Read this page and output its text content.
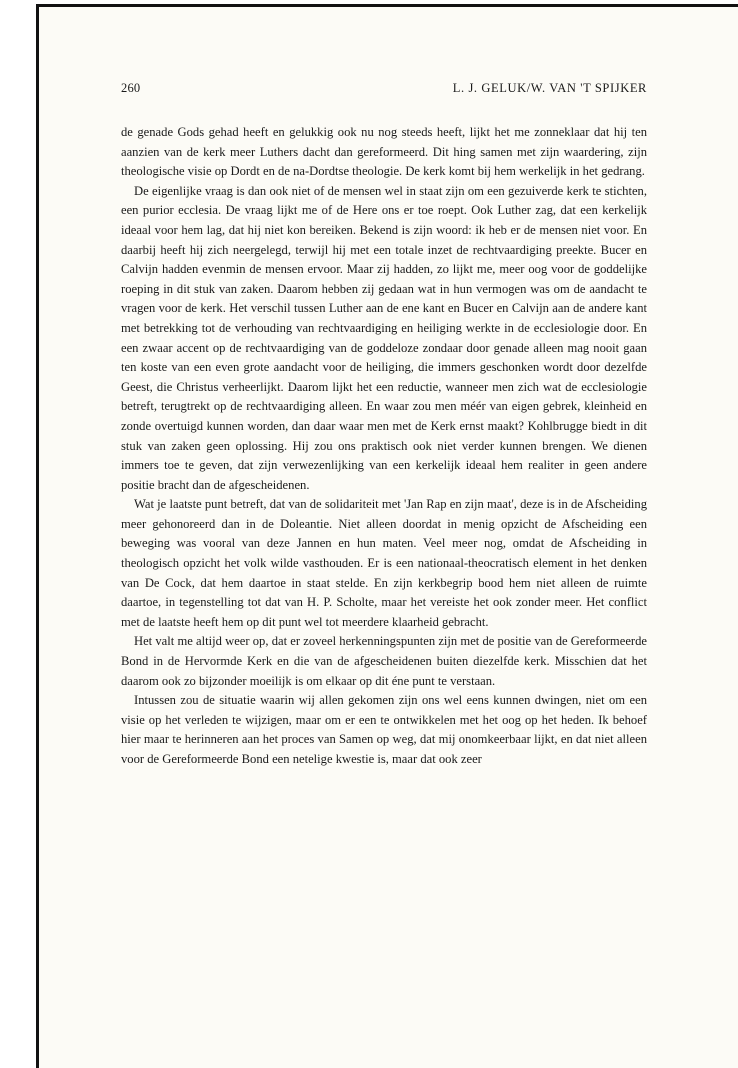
260	L. J. GELUK/W. VAN 'T SPIJKER

de genade Gods gehad heeft en gelukkig ook nu nog steeds heeft, lijkt het me zonneklaar dat hij ten aanzien van de kerk meer Luthers dacht dan gereformeerd. Dit hing samen met zijn waardering, zijn theologische visie op Dordt en de na-Dordtse theologie. De kerk komt bij hem werkelijk in het gedrang.

De eigenlijke vraag is dan ook niet of de mensen wel in staat zijn om een gezuiverde kerk te stichten, een purior ecclesia. De vraag lijkt me of de Here ons er toe roept. Ook Luther zag, dat een kerkelijk ideaal voor hem lag, dat hij niet kon bereiken. Bekend is zijn woord: ik heb er de mensen niet voor. En daarbij heeft hij zich neergelegd, terwijl hij met een totale inzet de rechtvaardiging preekte. Bucer en Calvijn hadden evenmin de mensen ervoor. Maar zij hadden, zo lijkt me, meer oog voor de goddelijke roeping in dit stuk van zaken. Daarom hebben zij gedaan wat in hun vermogen was om de aandacht te vragen voor de kerk. Het verschil tussen Luther aan de ene kant en Bucer en Calvijn aan de andere kant met betrekking tot de verhouding van rechtvaardiging en heiliging werkte in de ecclesiologie door. En een zwaar accent op de rechtvaardiging van de goddeloze zondaar door genade alleen mag nooit gaan ten koste van een even grote aandacht voor de heiliging, die immers geschonken wordt door dezelfde Geest, die Christus verheerlijkt. Daarom lijkt het een reductie, wanneer men zich wat de ecclesiologie betreft, terugtrekt op de rechtvaardiging alleen. En waar zou men méér van eigen gebrek, kleinheid en zonde overtuigd kunnen worden, dan daar waar men met de Kerk ernst maakt? Kohlbrugge biedt in dit stuk van zaken geen oplossing. Hij zou ons praktisch ook niet verder kunnen brengen. We dienen immers toe te geven, dat zijn verwezenlijking van een kerkelijk ideaal hem realiter in geen andere positie bracht dan de afgescheidenen.

Wat je laatste punt betreft, dat van de solidariteit met 'Jan Rap en zijn maat', deze is in de Afscheiding meer gehonoreerd dan in de Doleantie. Niet alleen doordat in menig opzicht de Afscheiding een beweging was vooral van deze Jannen en hun maten. Veel meer nog, omdat de Afscheiding in theologisch opzicht het volk wilde vasthouden. Er is een nationaal-theocratisch element in het denken van De Cock, dat hem daartoe in staat stelde. En zijn kerkbegrip bood hem niet alleen de ruimte daartoe, in tegenstelling tot dat van H. P. Scholte, maar het vereiste het ook zonder meer. Het conflict met de laatste heeft hem op dit punt wel tot meerdere klaarheid gebracht.

Het valt me altijd weer op, dat er zoveel herkenningspunten zijn met de positie van de Gereformeerde Bond in de Hervormde Kerk en die van de afgescheidenen buiten diezelfde kerk. Misschien dat het daarom ook zo bijzonder moeilijk is om elkaar op dit éne punt te verstaan.

Intussen zou de situatie waarin wij allen gekomen zijn ons wel eens kunnen dwingen, niet om een visie op het verleden te wijzigen, maar om er een te ontwikkelen met het oog op het heden. Ik behoef hier maar te herinneren aan het proces van Samen op weg, dat mij onomkeerbaar lijkt, en dat niet alleen voor de Gereformeerde Bond een netelige kwestie is, maar dat ook zeer
